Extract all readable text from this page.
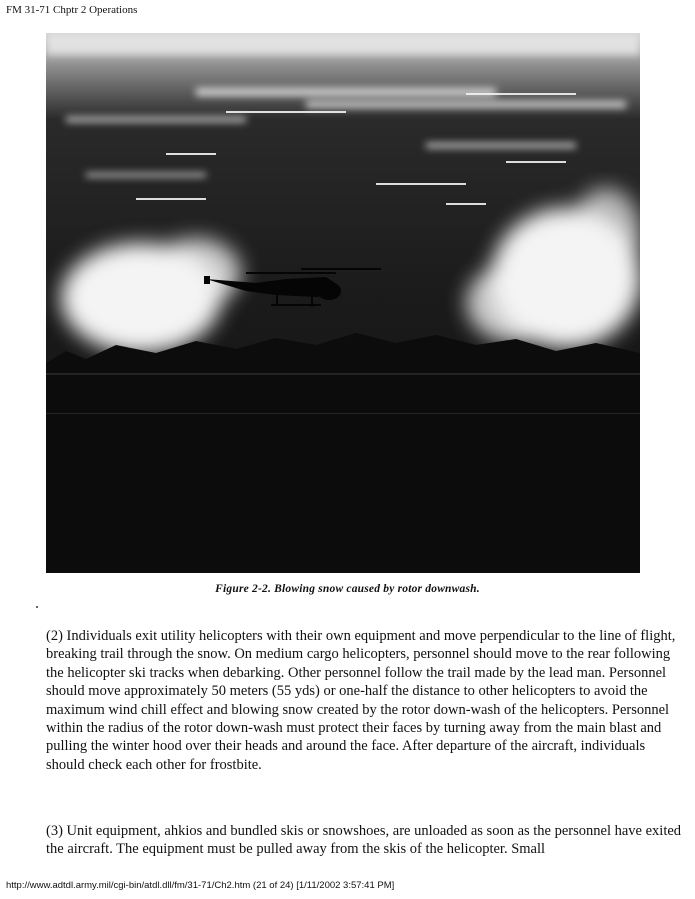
FM 31-71 Chptr 2 Operations
Figure 2-2. Blowing snow caused by rotor downwash.

(2) Individuals exit utility helicopters with their own equipment and move perpendicular to the line of flight, breaking trail through the snow. On medium cargo helicopters, personnel should move to the rear following the helicopter ski tracks when debarking. Other personnel follow the trail made by the lead man. Personnel should move approximately 50 meters (55 yds) or one-half the distance to other helicopters to avoid the maximum wind chill effect and blowing snow created by the rotor down-wash of the helicopters. Personnel within the radius of the rotor down-wash must protect their faces by turning away from the main blast and pulling the winter hood over their heads and around the face. After departure of the aircraft, individuals should check each other for frostbite.

(3) Unit equipment, ahkios and bundled skis or snowshoes, are unloaded as soon as the personnel have exited the aircraft. The equipment must be pulled away from the skis of the helicopter. Small

http://www.adtdl.army.mil/cgi-bin/atdl.dll/fm/31-71/Ch2.htm (21 of 24) [1/11/2002 3:57:41 PM]
